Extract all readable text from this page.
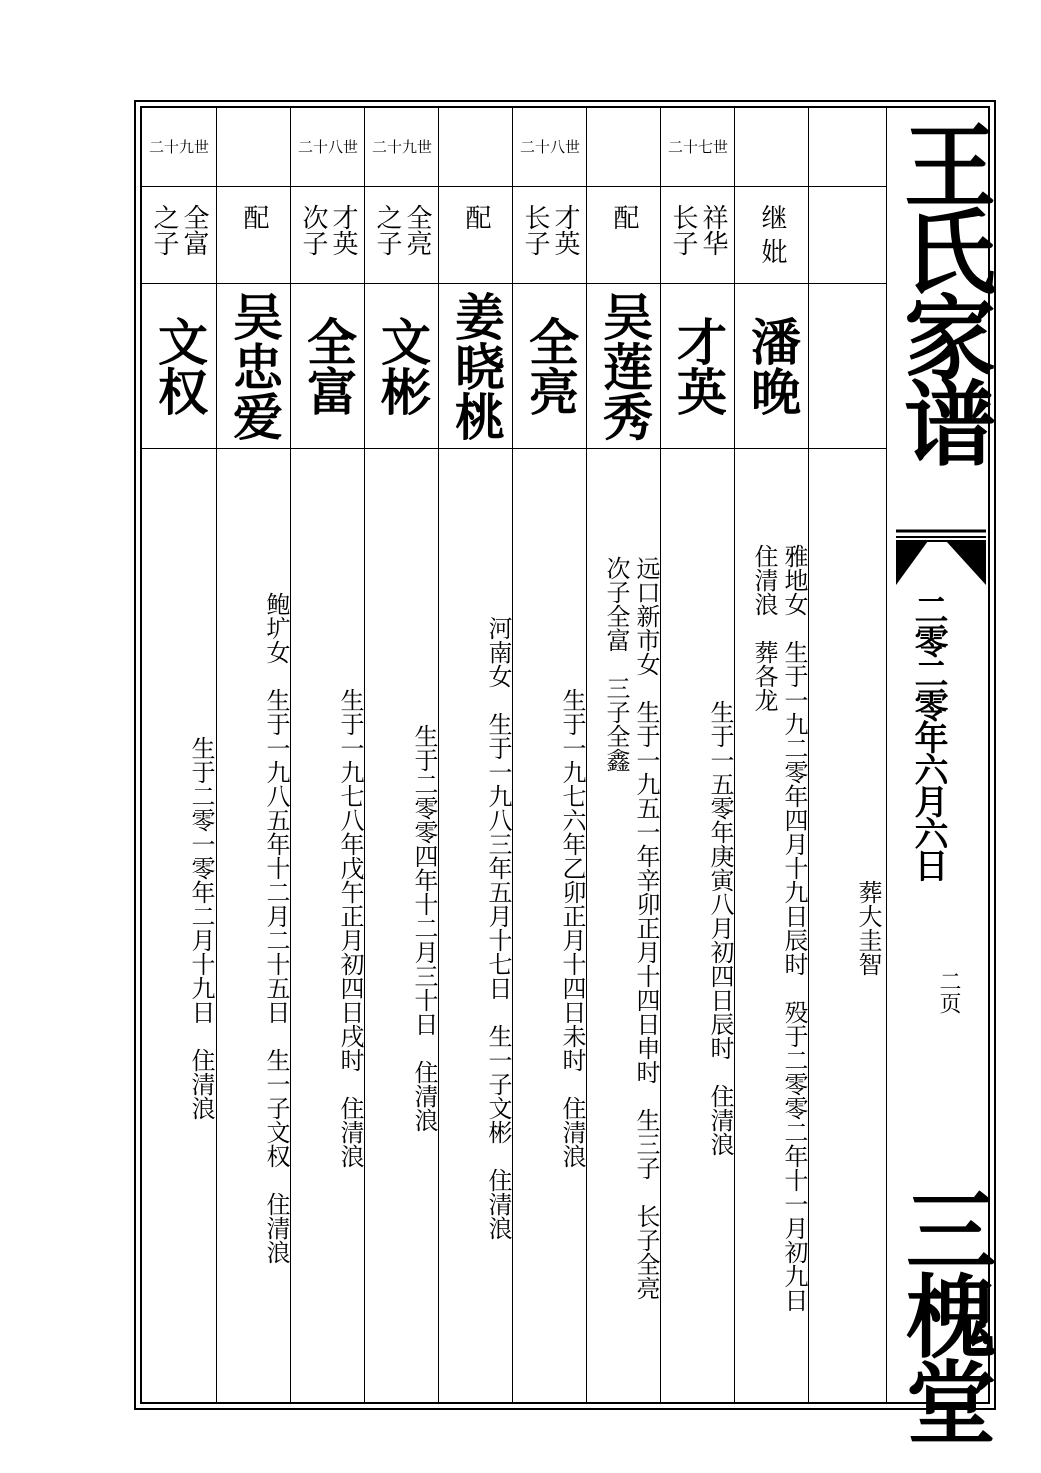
世九十二
全富 之子
文权
生于二零一零年二月十九日　住清浪
配
吴忠爱
鲍圹女　生于一九八五年十二月二十五日　生一子文权　住清浪
世八十二
才英 次子
全富
生于一九七八年戊午正月初四日戌时　住清浪
世九十二
全亮 之子
文彬
生于二零零四年十二月三十日　住清浪
配
姜晓桃
河南女　生于一九八三年五月十七日　生一子文彬　住清浪
世八十二
才英 长子
全亮
生于一九七六年乙卯正月十四日未时　住清浪
配
吴莲秀
远口新市女　生于一九五一年辛卯正月十四日申时　生三子　长子全亮
次子全富　三子全鑫
世七十二
祥华 长子
才英
生于一五零年庚寅八月初四日辰时　住清浪
继 妣
潘晚
雅地女　生于一九二零年四月十九日辰时　殁于二零零二年十一月初九日
住清浪　葬各龙
葬大圭智
王氏家谱
二零二零年六月六日
二页
三槐堂
